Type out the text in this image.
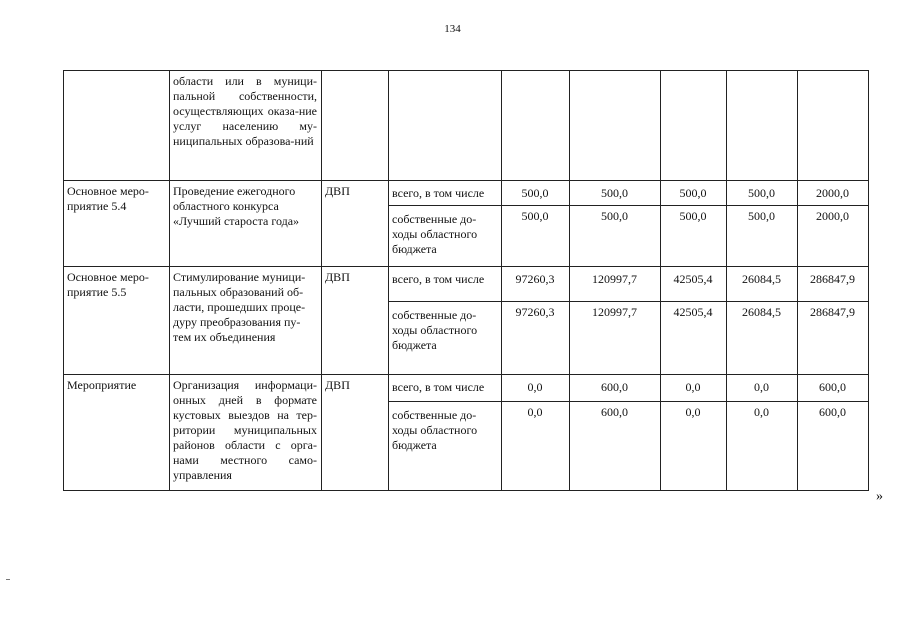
134
	области или в муници-пальной собственности, осуществляющих оказа-ние услуг населению му-ниципальных образова-ний							
Основное меро-приятие 5.4	Проведение ежегодного областного конкурса «Лучший староста года»	ДВП	всего, в том числе	500,0	500,0	500,0	500,0	2000,0
			собственные до-ходы областного бюджета	500,0	500,0	500,0	500,0	2000,0
Основное меро-приятие 5.5	Стимулирование муници-пальных образований об-ласти, прошедших проце-дуру преобразования пу-тем их объединения	ДВП	всего, в том числе	97260,3	120997,7	42505,4	26084,5	286847,9
			собственные до-ходы областного бюджета	97260,3	120997,7	42505,4	26084,5	286847,9
Мероприятие	Организация информаци-онных дней в формате кустовых выездов на тер-ритории муниципальных районов области с орга-нами местного само-управления	ДВП	всего, в том числе	0,0	600,0	0,0	0,0	600,0
			собственные до-ходы областного бюджета	0,0	600,0	0,0	0,0	600,0
»
